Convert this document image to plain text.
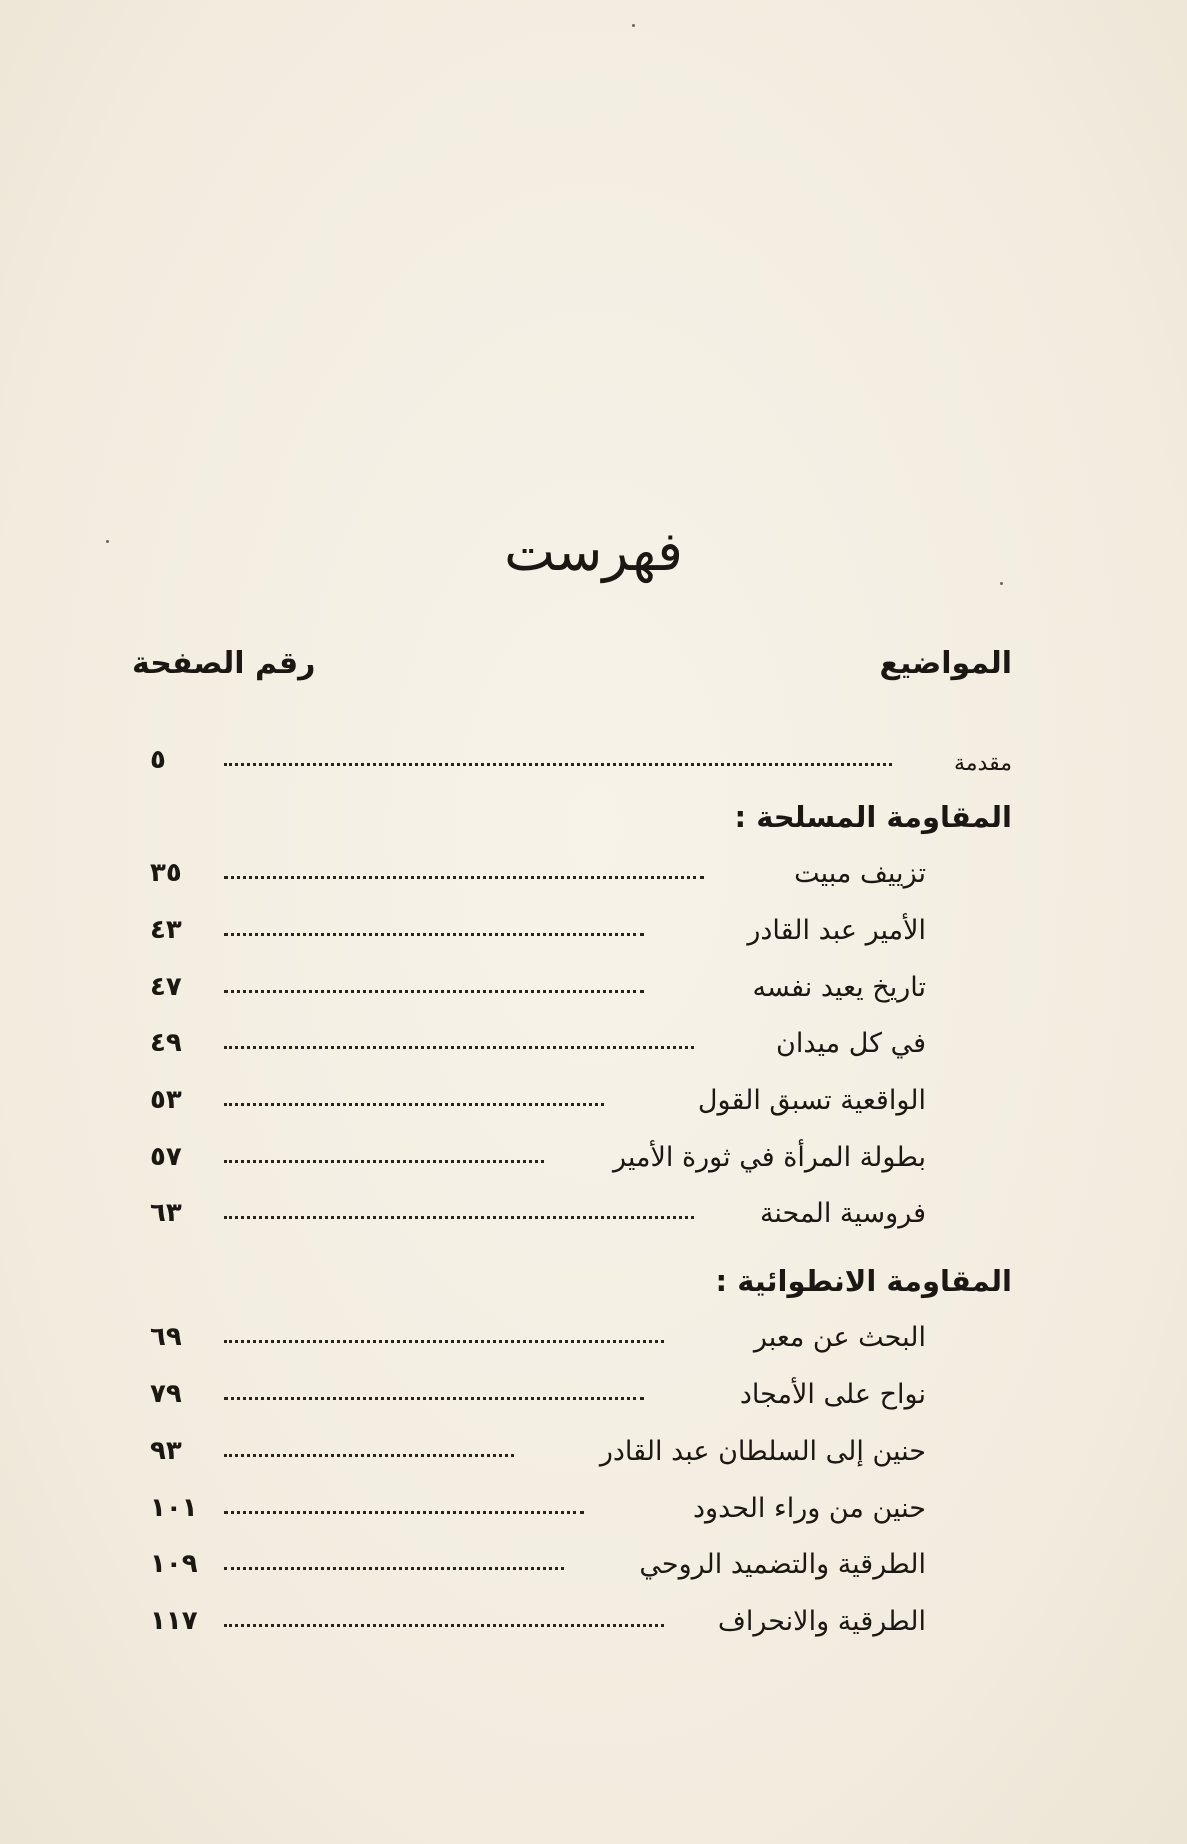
فهرست
المواضيع
رقم الصفحة
مقدمة
٥
المقاومة المسلحة :
تزييف مبيت
٣٥
الأمير عبد القادر
٤٣
تاريخ يعيد نفسه
٤٧
في كل ميدان
٤٩
الواقعية تسبق القول
٥٣
بطولة المرأة في ثورة الأمير
٥٧
فروسية المحنة
٦٣
المقاومة الانطوائية :
البحث عن معبر
٦٩
نواح على الأمجاد
٧٩
حنين إلى السلطان عبد القادر
٩٣
حنين من وراء الحدود
١٠١
الطرقية والتضميد الروحي
١٠٩
الطرقية والانحراف
١١٧
